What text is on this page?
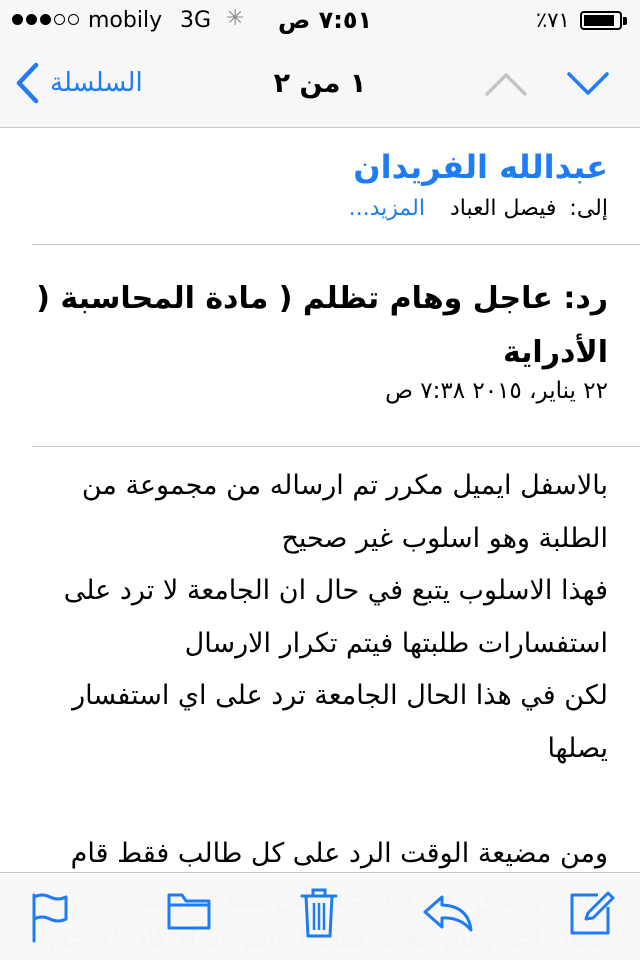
mobily 3G ✳ ٧:٥١ ص	٪٧١
السلسلة	١ من ٢
عبدالله الفريدان
إلى: فيصل العباد المزيد...
رد: عاجل وهام تظلم ( مادة المحاسبة ( الأدراية
٢٢ يناير، ٢٠١٥ ٧:٣٨ ص

بالاسفل ايميل مكرر تم ارساله من مجموعة من

الطلبة وهو اسلوب غير صحيح

فهذا الاسلوب يتبع في حال ان الجامعة لا ترد على

استفسارات طلبتها فيتم تكرار الارسال

لكن في هذا الحال الجامعة ترد على اي استفسار

يصلها

ومن مضيعة الوقت الرد على كل طالب فقط قام
